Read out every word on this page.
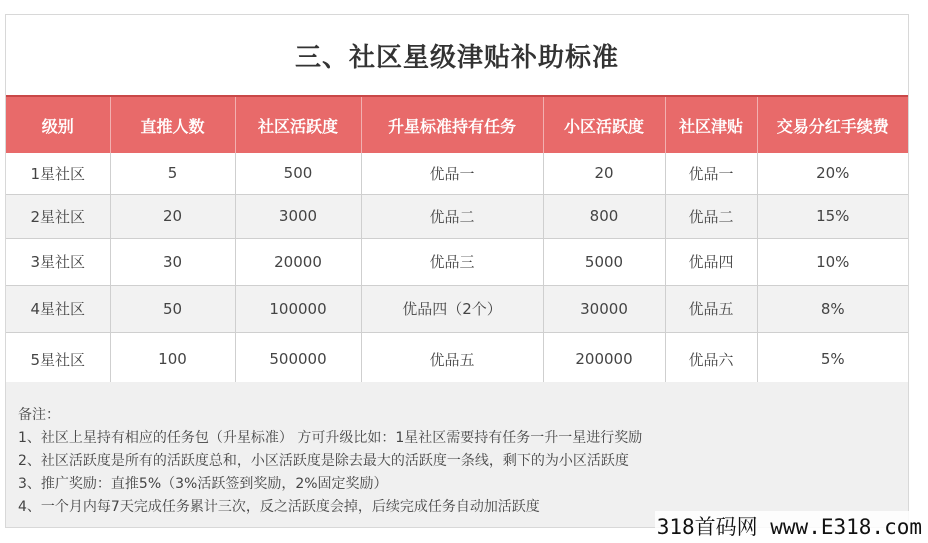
三、社区星级津贴补助标准
级别	直推人数	社区活跃度	升星标准持有任务	小区活跃度	社区津贴	交易分红手续费
1星社区	5	500	优品一	20	优品一	20%
2星社区	20	3000	优品二	800	优品二	15%
3星社区	30	20000	优品三	5000	优品四	10%
4星社区	50	100000	优品四（2个）	30000	优品五	8%
5星社区	100	500000	优品五	200000	优品六	5%
备注：
1、社区上星持有相应的任务包（升星标准） 方可升级比如：1星社区需要持有任务一升一星进行奖励
2、社区活跃度是所有的活跃度总和，小区活跃度是除去最大的活跃度一条线，剩下的为小区活跃度
3、推广奖励：直推5%（3%活跃签到奖励，2%固定奖励）
4、一个月内每7天完成任务累计三次，反之活跃度会掉，后续完成任务自动加活跃度
318首码网 www.E318.com
